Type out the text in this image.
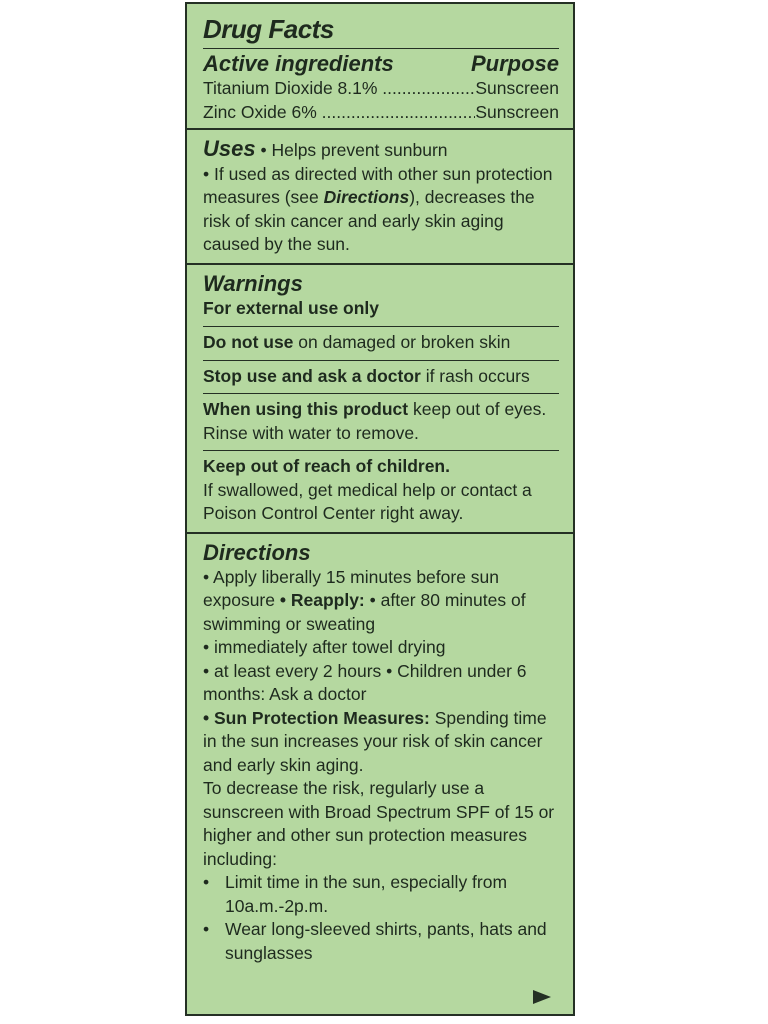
Drug Facts
Active ingredients	Purpose
Titanium Dioxide 8.1% .....	Sunscreen
Zinc Oxide 6% .....	Sunscreen
Uses • Helps prevent sunburn
• If used as directed with other sun protection measures (see Directions), decreases the risk of skin cancer and early skin aging caused by the sun.
Warnings
For external use only
Do not use on damaged or broken skin
Stop use and ask a doctor if rash occurs
When using this product keep out of eyes. Rinse with water to remove.
Keep out of reach of children.
If swallowed, get medical help or contact a Poison Control Center right away.
Directions
• Apply liberally 15 minutes before sun exposure • Reapply: • after 80 minutes of swimming or sweating
• immediately after towel drying
• at least every 2 hours • Children under 6 months: Ask a doctor
• Sun Protection Measures: Spending time in the sun increases your risk of skin cancer and early skin aging.
To decrease the risk, regularly use a sunscreen with Broad Spectrum SPF of 15 or higher and other sun protection measures including:
• Limit time in the sun, especially from 10a.m.-2p.m.
• Wear long-sleeved shirts, pants, hats and sunglasses
